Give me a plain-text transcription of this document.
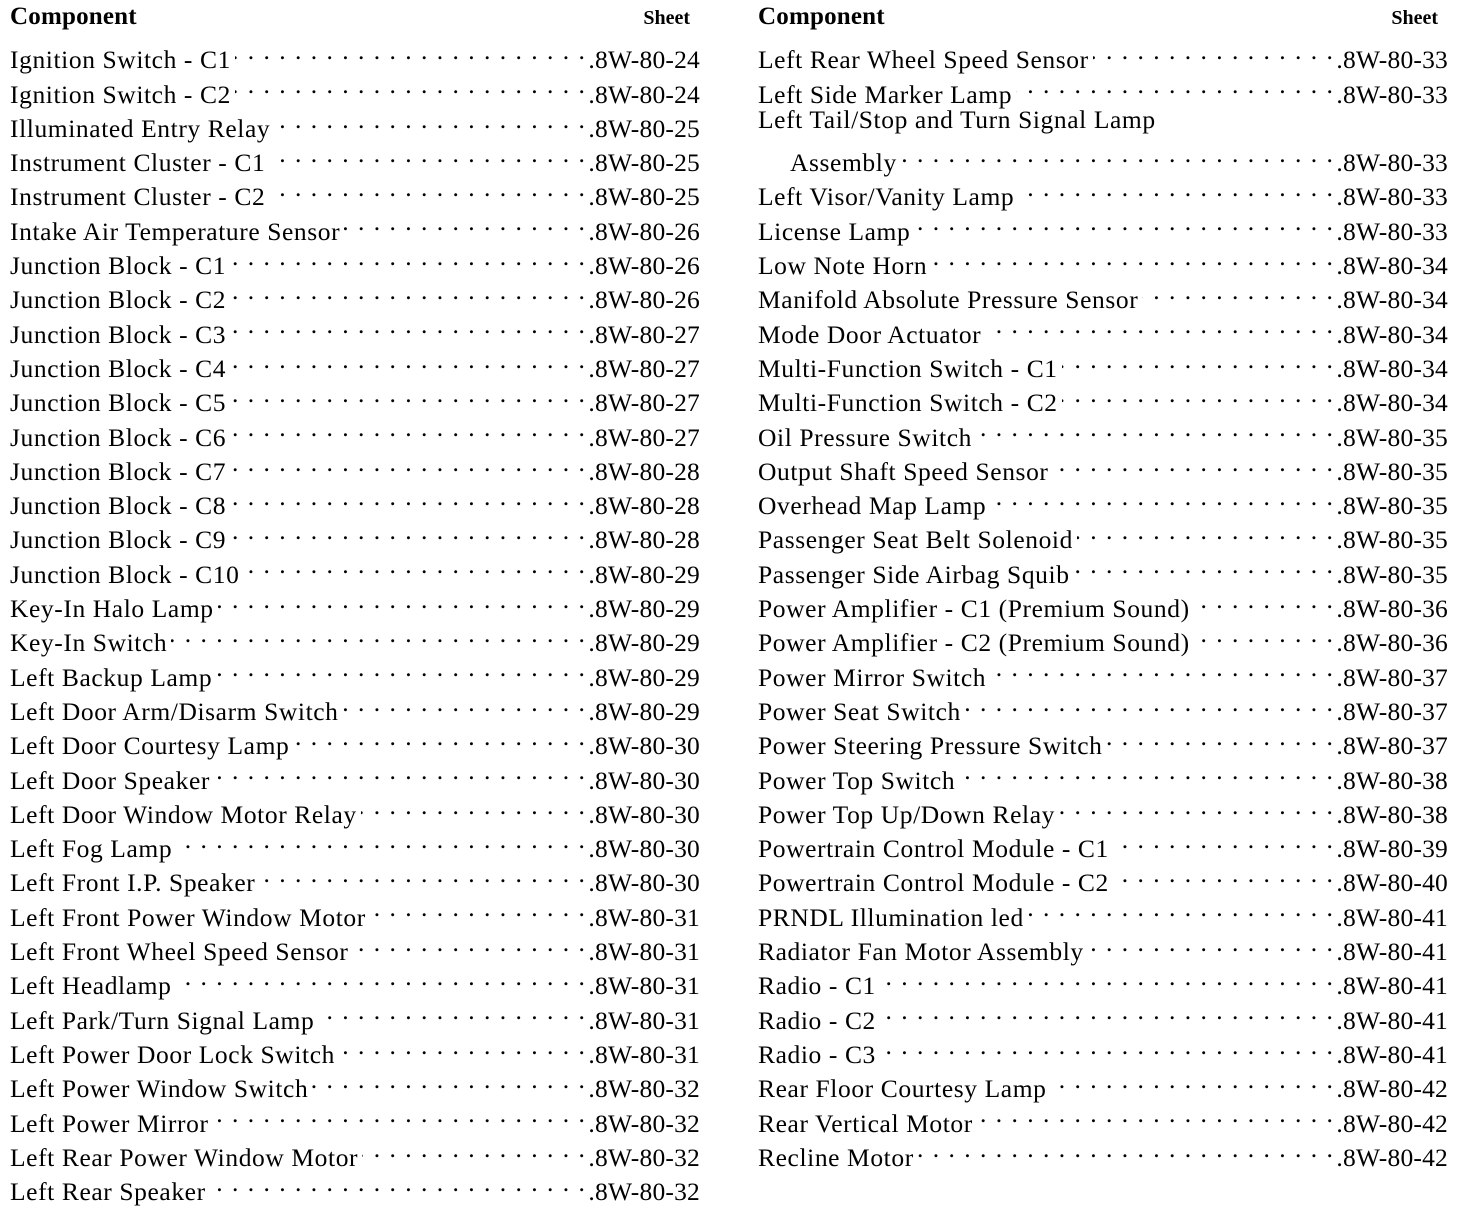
Component	Sheet
Ignition Switch - C1 . . .	.8W-80-24
Ignition Switch - C2 . . .	.8W-80-24
Illuminated Entry Relay . . .	.8W-80-25
Instrument Cluster - C1 . . .	.8W-80-25
Instrument Cluster - C2 . . .	.8W-80-25
Intake Air Temperature Sensor . . .	.8W-80-26
Junction Block - C1 . . .	.8W-80-26
Junction Block - C2 . . .	.8W-80-26
Junction Block - C3 . . .	.8W-80-27
Junction Block - C4 . . .	.8W-80-27
Junction Block - C5 . . .	.8W-80-27
Junction Block - C6 . . .	.8W-80-27
Junction Block - C7 . . .	.8W-80-28
Junction Block - C8 . . .	.8W-80-28
Junction Block - C9 . . .	.8W-80-28
Junction Block - C10 . . .	.8W-80-29
Key-In Halo Lamp . . .	.8W-80-29
Key-In Switch . . .	.8W-80-29
Left Backup Lamp . . .	.8W-80-29
Left Door Arm/Disarm Switch . . .	.8W-80-29
Left Door Courtesy Lamp . . .	.8W-80-30
Left Door Speaker . . .	.8W-80-30
Left Door Window Motor Relay . . .	.8W-80-30
Left Fog Lamp . . .	.8W-80-30
Left Front I.P. Speaker . . .	.8W-80-30
Left Front Power Window Motor . . .	.8W-80-31
Left Front Wheel Speed Sensor . . .	.8W-80-31
Left Headlamp . . .	.8W-80-31
Left Park/Turn Signal Lamp . . .	.8W-80-31
Left Power Door Lock Switch . . .	.8W-80-31
Left Power Window Switch . . .	.8W-80-32
Left Power Mirror . . .	.8W-80-32
Left Rear Power Window Motor . . .	.8W-80-32
Left Rear Speaker . . .	.8W-80-32
Component	Sheet
Left Rear Wheel Speed Sensor . . .	.8W-80-33
Left Side Marker Lamp . . .	.8W-80-33
Left Tail/Stop and Turn Signal Lamp
Assembly . . .	.8W-80-33
Left Visor/Vanity Lamp . . .	.8W-80-33
License Lamp . . .	.8W-80-33
Low Note Horn . . .	.8W-80-34
Manifold Absolute Pressure Sensor . . .	.8W-80-34
Mode Door Actuator . . .	.8W-80-34
Multi-Function Switch - C1 . . .	.8W-80-34
Multi-Function Switch - C2 . . .	.8W-80-34
Oil Pressure Switch . . .	.8W-80-35
Output Shaft Speed Sensor . . .	.8W-80-35
Overhead Map Lamp . . .	.8W-80-35
Passenger Seat Belt Solenoid . . .	.8W-80-35
Passenger Side Airbag Squib . . .	.8W-80-35
Power Amplifier - C1 (Premium Sound) . . .	.8W-80-36
Power Amplifier - C2 (Premium Sound) . . .	.8W-80-36
Power Mirror Switch . . .	.8W-80-37
Power Seat Switch . . .	.8W-80-37
Power Steering Pressure Switch . . .	.8W-80-37
Power Top Switch . . .	.8W-80-38
Power Top Up/Down Relay . . .	.8W-80-38
Powertrain Control Module - C1 . . .	.8W-80-39
Powertrain Control Module - C2 . . .	.8W-80-40
PRNDL Illumination led . . .	.8W-80-41
Radiator Fan Motor Assembly . . .	.8W-80-41
Radio - C1 . . .	.8W-80-41
Radio - C2 . . .	.8W-80-41
Radio - C3 . . .	.8W-80-41
Rear Floor Courtesy Lamp . . .	.8W-80-42
Rear Vertical Motor . . .	.8W-80-42
Recline Motor . . .	.8W-80-42
